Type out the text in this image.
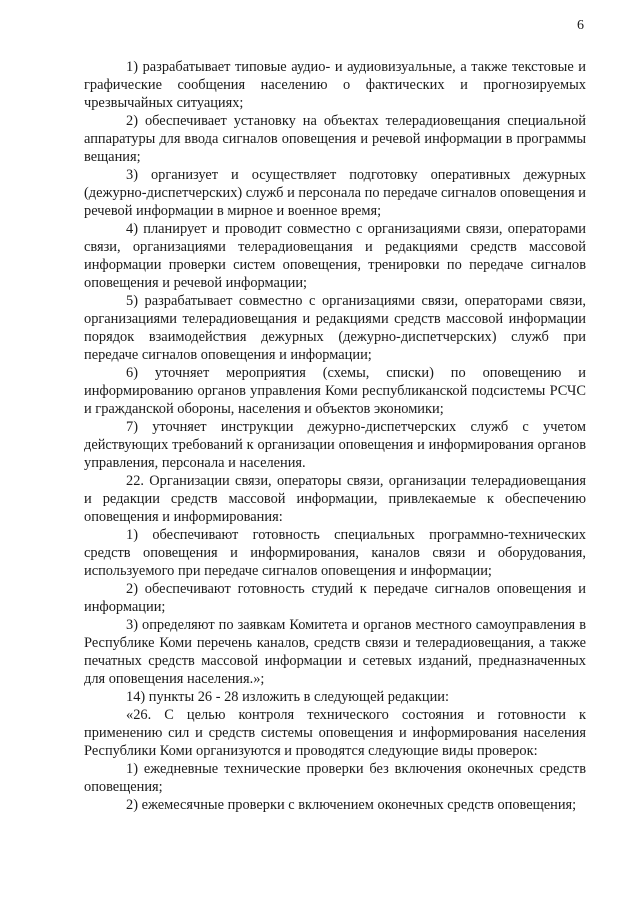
6

1) разрабатывает типовые аудио- и аудиовизуальные, а также текстовые и графические сообщения населению о фактических и прогнозируемых чрезвычайных ситуациях;

2) обеспечивает установку на объектах телерадиовещания специальной аппаратуры для ввода сигналов оповещения и речевой информации в программы вещания;

3) организует и осуществляет подготовку оперативных дежурных (дежурно-диспетчерских) служб и персонала по передаче сигналов оповещения и речевой информации в мирное и военное время;

4) планирует и проводит совместно с организациями связи, операторами связи, организациями телерадиовещания и редакциями средств массовой информации проверки систем оповещения, тренировки по передаче сигналов оповещения и речевой информации;

5) разрабатывает совместно с организациями связи, операторами связи, организациями телерадиовещания и редакциями средств массовой информации порядок взаимодействия дежурных (дежурно-диспетчерских) служб при передаче сигналов оповещения и информации;

6) уточняет мероприятия (схемы, списки) по оповещению и информированию органов управления Коми республиканской подсистемы РСЧС и гражданской обороны, населения и объектов экономики;

7) уточняет инструкции дежурно-диспетчерских служб с учетом действующих требований к организации оповещения и информирования органов управления, персонала и населения.

22. Организации связи, операторы связи, организации телерадиовещания и редакции средств массовой информации, привлекаемые к обеспечению оповещения и информирования:

1) обеспечивают готовность специальных программно-технических средств оповещения и информирования, каналов связи и оборудования, используемого при передаче сигналов оповещения и информации;

2) обеспечивают готовность студий к передаче сигналов оповещения и информации;

3) определяют по заявкам Комитета и органов местного самоуправления в Республике Коми перечень каналов, средств связи и телерадиовещания, а также печатных средств массовой информации и сетевых изданий, предназначенных для оповещения населения.»;

14) пункты 26 - 28 изложить в следующей редакции:

«26. С целью контроля технического состояния и готовности к применению сил и средств системы оповещения и информирования населения Республики Коми организуются и проводятся следующие виды проверок:

1) ежедневные технические проверки без включения оконечных средств оповещения;

2) ежемесячные проверки с включением оконечных средств оповещения;
